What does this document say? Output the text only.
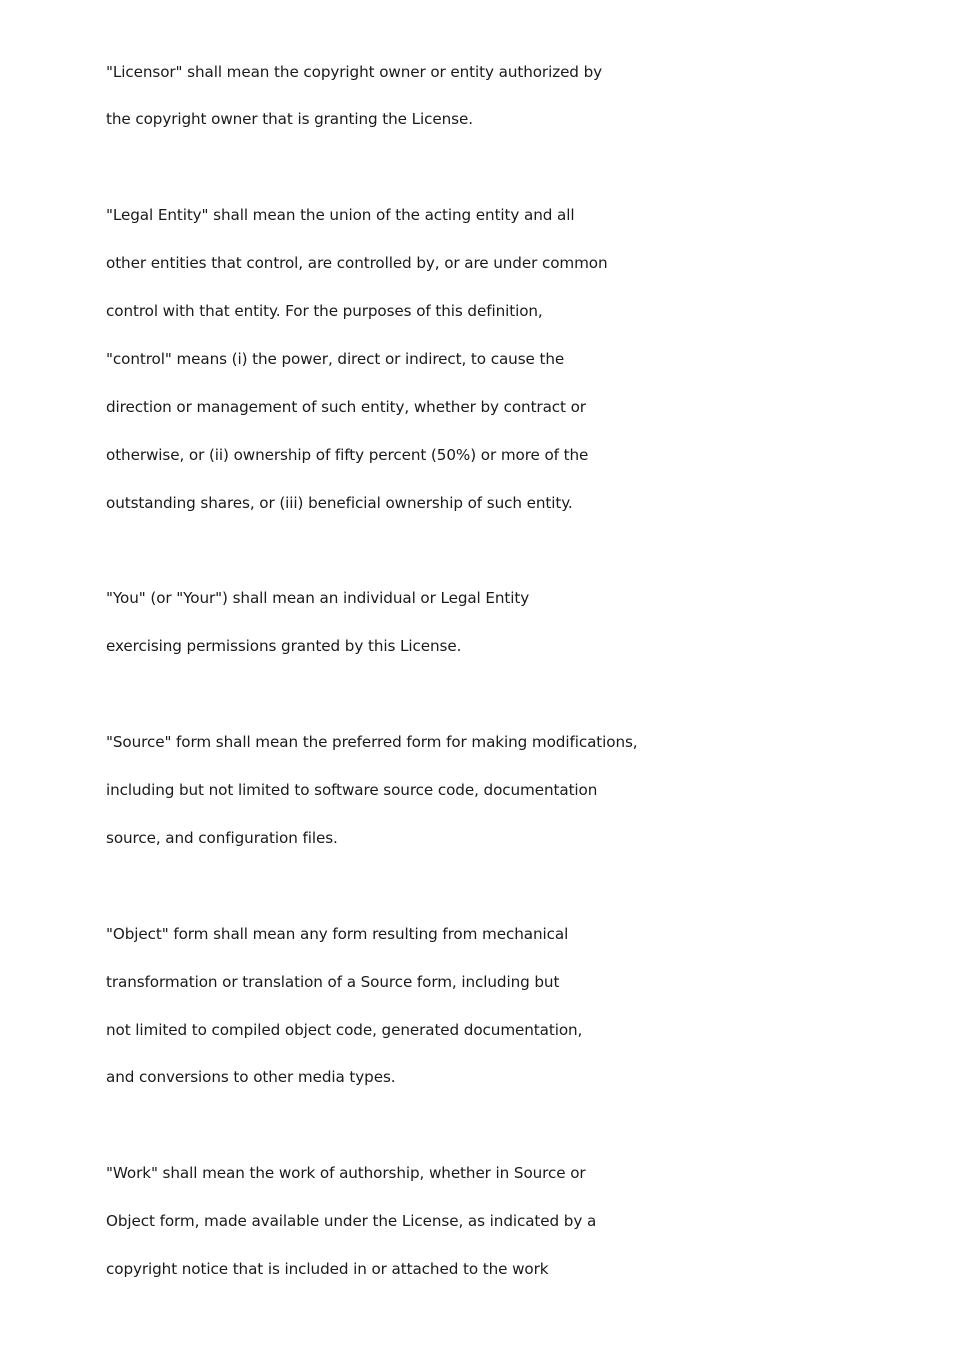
"Licensor" shall mean the copyright owner or entity authorized by
the copyright owner that is granting the License.
"Legal Entity" shall mean the union of the acting entity and all
other entities that control, are controlled by, or are under common
control with that entity. For the purposes of this definition,
"control" means (i) the power, direct or indirect, to cause the
direction or management of such entity, whether by contract or
otherwise, or (ii) ownership of fifty percent (50%) or more of the
outstanding shares, or (iii) beneficial ownership of such entity.
"You" (or "Your") shall mean an individual or Legal Entity
exercising permissions granted by this License.
"Source" form shall mean the preferred form for making modifications,
including but not limited to software source code, documentation
source, and configuration files.
"Object" form shall mean any form resulting from mechanical
transformation or translation of a Source form, including but
not limited to compiled object code, generated documentation,
and conversions to other media types.
"Work" shall mean the work of authorship, whether in Source or
Object form, made available under the License, as indicated by a
copyright notice that is included in or attached to the work
